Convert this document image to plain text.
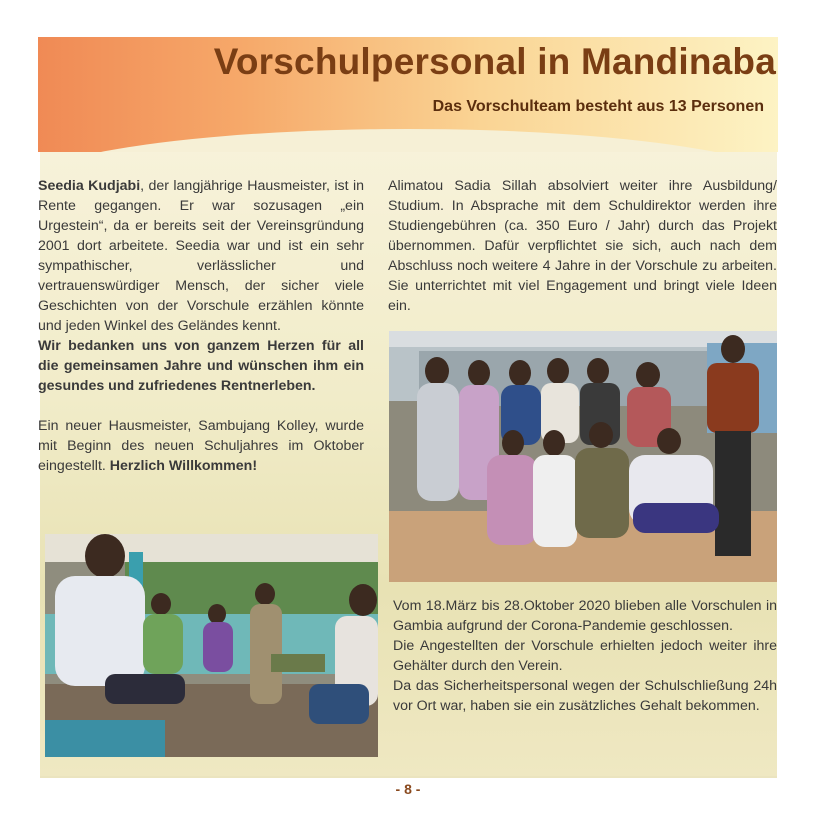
Vorschulpersonal in Mandinaba
Das Vorschulteam besteht aus 13 Personen

Seedia Kudjabi, der langjährige Hausmeister, ist in Rente gegangen. Er war sozusagen „ein Urgestein“, da er bereits seit der Vereinsgründung 2001 dort arbeitete. Seedia war und ist ein sehr sympathischer, verlässlicher und vertrauenswürdiger Mensch, der sicher viele Geschichten von der Vorschule erzählen könnte und jeden Winkel des Geländes kennt.

Wir bedanken uns von ganzem Herzen für all die gemeinsamen Jahre und wünschen ihm ein gesundes und zufriedenes Rentnerleben.

Ein neuer Hausmeister, Sambujang Kolley, wurde mit Beginn des neuen Schuljahres im Oktober eingestellt. Herzlich Willkommen!

Alimatou Sadia Sillah absolviert weiter ihre Ausbildung/ Studium. In Absprache mit dem Schuldirektor werden ihre Studiengebühren (ca. 350 Euro / Jahr) durch das Projekt übernommen. Dafür verpflichtet sie sich, auch nach dem Abschluss noch weitere 4 Jahre in der Vorschule zu arbeiten. Sie unterrichtet mit viel Engagement und bringt viele Ideen ein.

Vom 18.März bis 28.Oktober 2020 blieben alle Vorschulen in Gambia aufgrund der Corona-Pandemie geschlossen.

Die Angestellten der Vorschule erhielten jedoch weiter ihre Gehälter durch den Verein.

Da das Sicherheitspersonal wegen der Schulschließung 24h vor Ort war, haben sie ein zusätzliches Gehalt bekommen.

- 8 -
